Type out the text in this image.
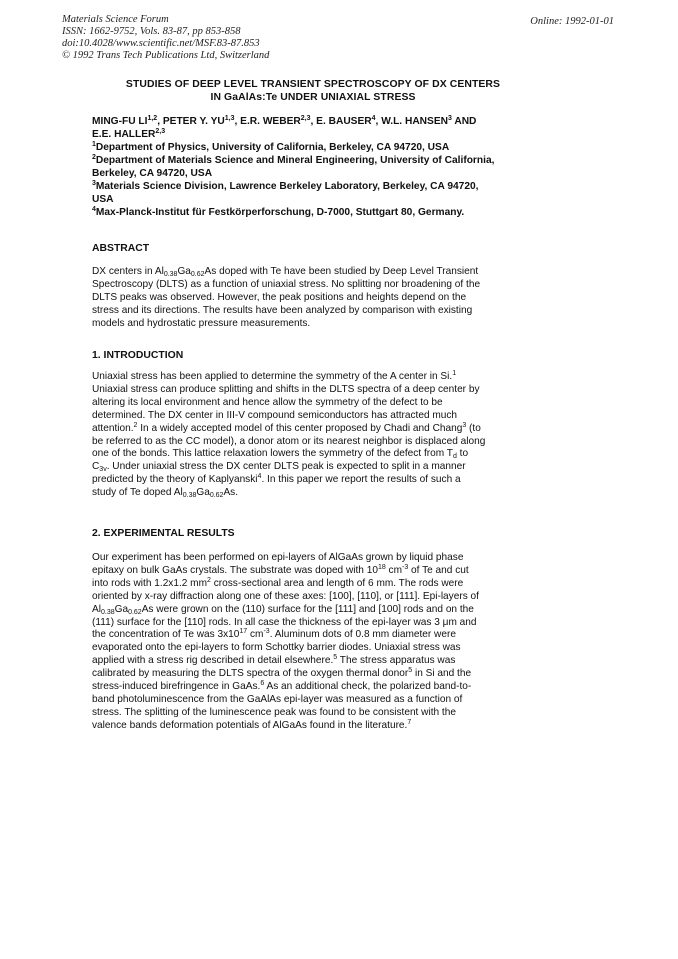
Materials Science Forum
ISSN: 1662-9752, Vols. 83-87, pp 853-858
doi:10.4028/www.scientific.net/MSF.83-87.853
© 1992 Trans Tech Publications Ltd, Switzerland
Online: 1992-01-01
STUDIES OF DEEP LEVEL TRANSIENT SPECTROSCOPY OF DX CENTERS
IN GaAlAs:Te UNDER UNIAXIAL STRESS
MING-FU LI$^{1,2}$, PETER Y. YU$^{1,3}$, E.R. WEBER$^{2,3}$, E. BAUSER$^4$, W.L. HANSEN$^3$ AND
E.E. HALLER$^{2,3}$
$^1$Department of Physics, University of California, Berkeley, CA 94720, USA
$^2$Department of Materials Science and Mineral Engineering, University of California,
Berkeley, CA 94720, USA
$^3$Materials Science Division, Lawrence Berkeley Laboratory, Berkeley, CA 94720,
USA
$^4$Max-Planck-Institut für Festkörperforschung, D-7000, Stuttgart 80, Germany.
ABSTRACT
DX centers in $Al_{0.38}Ga_{0.62}As$ doped with Te have been studied by Deep Level Transient
Spectroscopy (DLTS) as a function of uniaxial stress. No splitting nor broadening of the
DLTS peaks was observed. However, the peak positions and heights depend on the
stress and its directions. The results have been analyzed by comparison with existing
models and hydrostatic pressure measurements.
1. INTRODUCTION
Uniaxial stress has been applied to determine the symmetry of the A center in Si.$^1$
Uniaxial stress can produce splitting and shifts in the DLTS spectra of a deep center by
altering its local environment and hence allow the symmetry of the defect to be
determined. The DX center in III-V compound semiconductors has attracted much
attention.$^2$ In a widely accepted model of this center proposed by Chadi and Chang$^3$ (to
be referred to as the CC model), a donor atom or its nearest neighbor is displaced along
one of the bonds. This lattice relaxation lowers the symmetry of the defect from $T_d$ to
$C_{3v}$. Under uniaxial stress the DX center DLTS peak is expected to split in a manner
predicted by the theory of Kaplyanski$^4$. In this paper we report the results of such a
study of Te doped $Al_{0.38}Ga_{0.62}As$.
2. EXPERIMENTAL RESULTS
Our experiment has been performed on epi-layers of AlGaAs grown by liquid phase
epitaxy on bulk GaAs crystals. The substrate was doped with $10^{18}$ $cm^{-3}$ of Te and cut
into rods with 1.2x1.2 $mm^2$ cross-sectional area and length of 6 mm. The rods were
oriented by x-ray diffraction along one of these axes: [100], [110], or [111]. Epi-layers of
$Al_{0.38}Ga_{0.62}As$ were grown on the (110) surface for the [111] and [100] rods and on the
(111) surface for the [110] rods. In all case the thickness of the epi-layer was 3 μm and
the concentration of Te was $3x10^{17}$ $cm^{-3}$. Aluminum dots of 0.8 mm diameter were
evaporated onto the epi-layers to form Schottky barrier diodes. Uniaxial stress was
applied with a stress rig described in detail elsewhere.$^5$ The stress apparatus was
calibrated by measuring the DLTS spectra of the oxygen thermal donor$^5$ in Si and the
stress-induced birefringence in GaAs.$^6$ As an additional check, the polarized band-to-
band photoluminescence from the GaAlAs epi-layer was measured as a function of
stress. The splitting of the luminescence peak was found to be consistent with the
valence bands deformation potentials of AlGaAs found in the literature.$^7$
